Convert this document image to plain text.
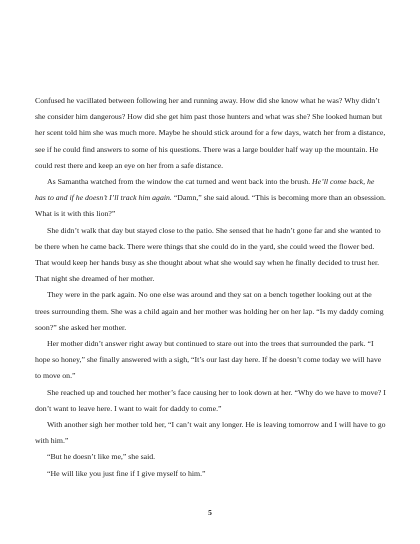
Confused he vacillated between following her and running away. How did she know what he was? Why didn’t she consider him dangerous? How did she get him past those hunters and what was she? She looked human but her scent told him she was much more. Maybe he should stick around for a few days, watch her from a distance, see if he could find answers to some of his questions. There was a large boulder half way up the mountain. He could rest there and keep an eye on her from a safe distance.

As Samantha watched from the window the cat turned and went back into the brush. He’ll come back, he has to and if he doesn’t I’ll track him again. “Damn,” she said aloud. “This is becoming more than an obsession. What is it with this lion?”

She didn’t walk that day but stayed close to the patio. She sensed that he hadn’t gone far and she wanted to be there when he came back. There were things that she could do in the yard, she could weed the flower bed. That would keep her hands busy as she thought about what she would say when he finally decided to trust her. That night she dreamed of her mother.

They were in the park again. No one else was around and they sat on a bench together looking out at the trees surrounding them. She was a child again and her mother was holding her on her lap. “Is my daddy coming soon?” she asked her mother.

Her mother didn’t answer right away but continued to stare out into the trees that surrounded the park. “I hope so honey,” she finally answered with a sigh, “It’s our last day here. If he doesn’t come today we will have to move on.”

She reached up and touched her mother’s face causing her to look down at her. “Why do we have to move? I don’t want to leave here. I want to wait for daddy to come.”

With another sigh her mother told her, “I can’t wait any longer. He is leaving tomorrow and I will have to go with him.”

“But he doesn’t like me,” she said.

“He will like you just fine if I give myself to him.”

5
